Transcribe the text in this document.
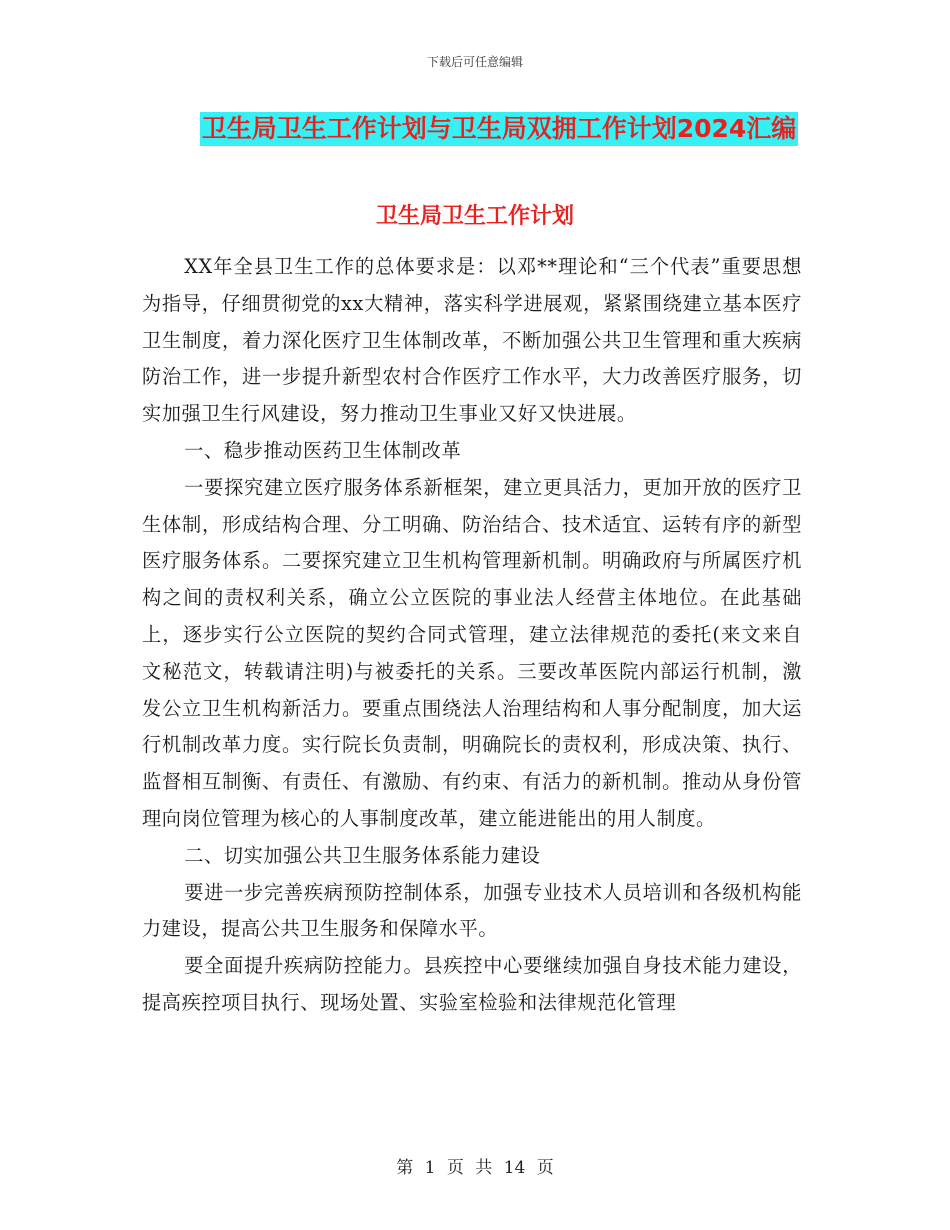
下载后可任意编辑
卫生局卫生工作计划与卫生局双拥工作计划2024汇编
卫生局卫生工作计划

XX年全县卫生工作的总体要求是：以邓**理论和“三个代表”重要思想为指导，仔细贯彻党的xx大精神，落实科学进展观，紧紧围绕建立基本医疗卫生制度，着力深化医疗卫生体制改革，不断加强公共卫生管理和重大疾病防治工作，进一步提升新型农村合作医疗工作水平，大力改善医疗服务，切实加强卫生行风建设，努力推动卫生事业又好又快进展。

一、稳步推动医药卫生体制改革

一要探究建立医疗服务体系新框架，建立更具活力，更加开放的医疗卫生体制，形成结构合理、分工明确、防治结合、技术适宜、运转有序的新型医疗服务体系。二要探究建立卫生机构管理新机制。明确政府与所属医疗机构之间的责权利关系，确立公立医院的事业法人经营主体地位。在此基础上，逐步实行公立医院的契约合同式管理，建立法律规范的委托(来文来自文秘范文，转载请注明)与被委托的关系。三要改革医院内部运行机制，激发公立卫生机构新活力。要重点围绕法人治理结构和人事分配制度，加大运行机制改革力度。实行院长负责制，明确院长的责权利，形成决策、执行、监督相互制衡、有责任、有激励、有约束、有活力的新机制。推动从身份管理向岗位管理为核心的人事制度改革，建立能进能出的用人制度。

二、切实加强公共卫生服务体系能力建设

要进一步完善疾病预防控制体系，加强专业技术人员培训和各级机构能力建设，提高公共卫生服务和保障水平。

要全面提升疾病防控能力。县疾控中心要继续加强自身技术能力建设，提高疾控项目执行、现场处置、实验室检验和法律规范化管理

第 1 页 共 14 页
